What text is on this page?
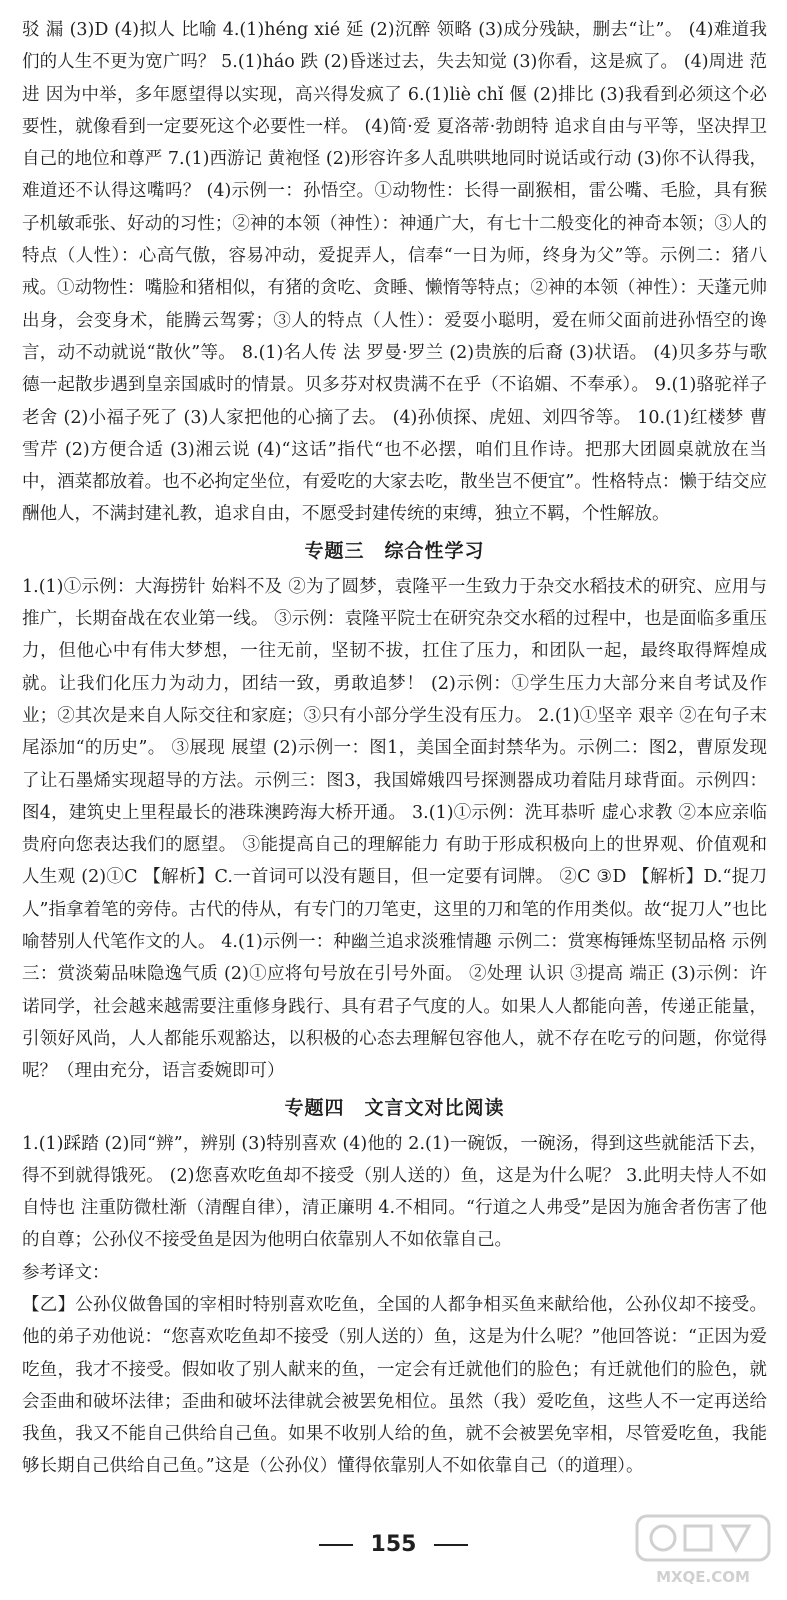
驳 漏 (3)D (4)拟人 比喻 4.(1)héng xié 延 (2)沉醉 领略 (3)成分残缺，删去“让”。 (4)难道我们的人生不更为宽广吗？ 5.(1)háo 跌 (2)昏迷过去，失去知觉 (3)你看，这是疯了。 (4)周进 范进 因为中举，多年愿望得以实现，高兴得发疯了 6.(1)liè chǐ 偃 (2)排比 (3)我看到必须这个必要性，就像看到一定要死这个必要性一样。 (4)简·爱 夏洛蒂·勃朗特 追求自由与平等，坚决捍卫自己的地位和尊严 7.(1)西游记 黄袍怪 (2)形容许多人乱哄哄地同时说话或行动 (3)你不认得我，难道还不认得这嘴吗？ (4)示例一：孙悟空。①动物性：长得一副猴相，雷公嘴、毛脸，具有猴子机敏乖张、好动的习性；②神的本领（神性）：神通广大，有七十二般变化的神奇本领；③人的特点（人性）：心高气傲，容易冲动，爱捉弄人，信奉“一日为师，终身为父”等。示例二：猪八戒。①动物性：嘴脸和猪相似，有猪的贪吃、贪睡、懒惰等特点；②神的本领（神性）：天蓬元帅出身，会变身术，能腾云驾雾；③人的特点（人性）：爱耍小聪明，爱在师父面前进孙悟空的谗言，动不动就说“散伙”等。 8.(1)名人传 法 罗曼·罗兰 (2)贵族的后裔 (3)状语。 (4)贝多芬与歌德一起散步遇到皇亲国戚时的情景。贝多芬对权贵满不在乎（不谄媚、不奉承）。 9.(1)骆驼祥子 老舍 (2)小福子死了 (3)人家把他的心摘了去。 (4)孙侦探、虎妞、刘四爷等。 10.(1)红楼梦 曹雪芹 (2)方便合适 (3)湘云说 (4)“这话”指代“也不必摆，咱们且作诗。把那大团圆桌就放在当中，酒菜都放着。也不必拘定坐位，有爱吃的大家去吃，散坐岂不便宜”。性格特点：懒于结交应酬他人，不满封建礼教，追求自由，不愿受封建传统的束缚，独立不羁，个性解放。

专题三　综合性学习

1.(1)①示例：大海捞针 始料不及 ②为了圆梦，袁隆平一生致力于杂交水稻技术的研究、应用与推广，长期奋战在农业第一线。 ③示例：袁隆平院士在研究杂交水稻的过程中，也是面临多重压力，但他心中有伟大梦想，一往无前，坚韧不拔，扛住了压力，和团队一起，最终取得辉煌成就。让我们化压力为动力，团结一致，勇敢追梦！ (2)示例：①学生压力大部分来自考试及作业；②其次是来自人际交往和家庭；③只有小部分学生没有压力。 2.(1)①坚辛 艰辛 ②在句子末尾添加“的历史”。 ③展现 展望 (2)示例一：图1，美国全面封禁华为。示例二：图2，曹原发现了让石墨烯实现超导的方法。示例三：图3，我国嫦娥四号探测器成功着陆月球背面。示例四：图4，建筑史上里程最长的港珠澳跨海大桥开通。 3.(1)①示例：洗耳恭听 虚心求教 ②本应亲临贵府向您表达我们的愿望。 ③能提高自己的理解能力 有助于形成积极向上的世界观、价值观和人生观 (2)①C 【解析】C.一首词可以没有题目，但一定要有词牌。 ②C ③D 【解析】D.“捉刀人”指拿着笔的旁侍。古代的侍从，有专门的刀笔吏，这里的刀和笔的作用类似。故“捉刀人”也比喻替别人代笔作文的人。 4.(1)示例一：种幽兰追求淡雅情趣 示例二：赏寒梅锤炼坚韧品格 示例三：赏淡菊品味隐逸气质 (2)①应将句号放在引号外面。 ②处理 认识 ③提高 端正 (3)示例：许诺同学，社会越来越需要注重修身践行、具有君子气度的人。如果人人都能向善，传递正能量，引领好风尚，人人都能乐观豁达，以积极的心态去理解包容他人，就不存在吃亏的问题，你觉得呢？（理由充分，语言委婉即可）

专题四　文言文对比阅读

1.(1)踩踏 (2)同“辨”，辨别 (3)特别喜欢 (4)他的 2.(1)一碗饭，一碗汤，得到这些就能活下去，得不到就得饿死。 (2)您喜欢吃鱼却不接受（别人送的）鱼，这是为什么呢？ 3.此明夫恃人不如自恃也 注重防微杜渐（清醒自律），清正廉明 4.不相同。“行道之人弗受”是因为施舍者伤害了他的自尊；公孙仪不接受鱼是因为他明白依靠别人不如依靠自己。

参考译文：

【乙】公孙仪做鲁国的宰相时特别喜欢吃鱼，全国的人都争相买鱼来献给他，公孙仪却不接受。他的弟子劝他说：“您喜欢吃鱼却不接受（别人送的）鱼，这是为什么呢？”他回答说：“正因为爱吃鱼，我才不接受。假如收了别人献来的鱼，一定会有迁就他们的脸色；有迁就他们的脸色，就会歪曲和破坏法律；歪曲和破坏法律就会被罢免相位。虽然（我）爱吃鱼，这些人不一定再送给我鱼，我又不能自己供给自己鱼。如果不收别人给的鱼，就不会被罢免宰相，尽管爱吃鱼，我能够长期自己供给自己鱼。”这是（公孙仪）懂得依靠别人不如依靠自己（的道理）。

155
MXQE.COM
